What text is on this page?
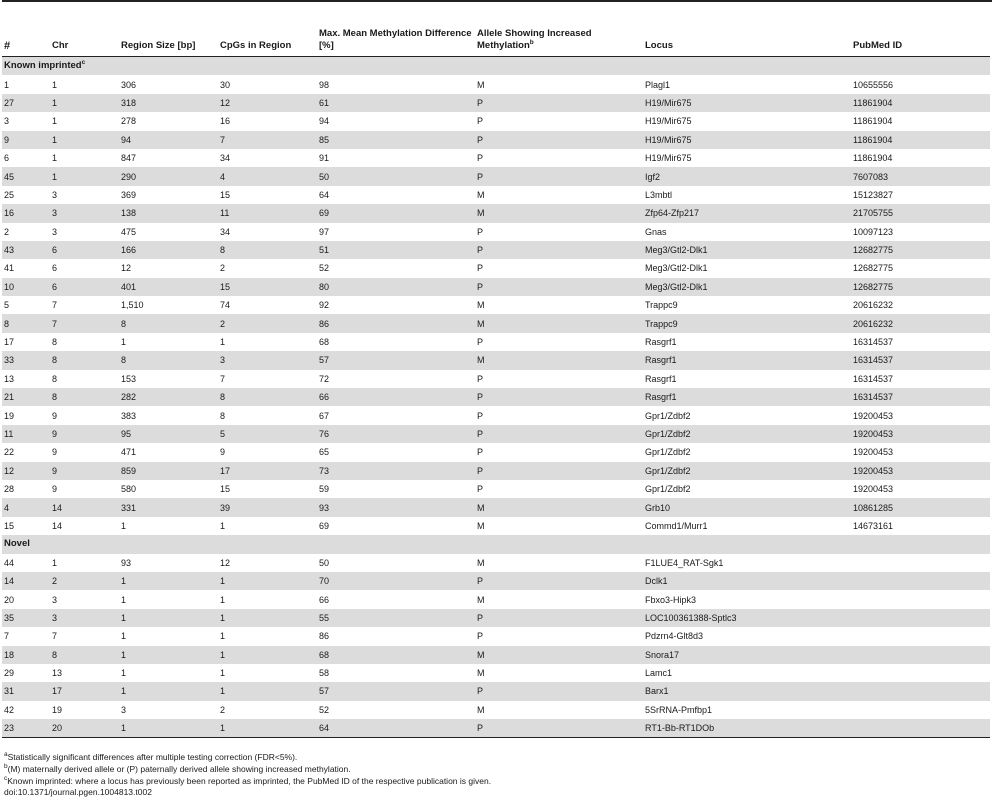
#	Chr	Region Size [bp]	CpGs in Region	Max. Mean Methylation Difference [%]	Allele Showing Increased Methylation$^b$	Locus	PubMed ID
Known imprinted$^c$
1	1	306	30	98	M	Plagl1	10655556
27	1	318	12	61	P	H19/Mir675	11861904
3	1	278	16	94	P	H19/Mir675	11861904
9	1	94	7	85	P	H19/Mir675	11861904
6	1	847	34	91	P	H19/Mir675	11861904
45	1	290	4	50	P	Igf2	7607083
25	3	369	15	64	M	L3mbtl	15123827
16	3	138	11	69	M	Zfp64-Zfp217	21705755
2	3	475	34	97	P	Gnas	10097123
43	6	166	8	51	P	Meg3/Gtl2-Dlk1	12682775
41	6	12	2	52	P	Meg3/Gtl2-Dlk1	12682775
10	6	401	15	80	P	Meg3/Gtl2-Dlk1	12682775
5	7	1,510	74	92	M	Trappc9	20616232
8	7	8	2	86	M	Trappc9	20616232
17	8	1	1	68	P	Rasgrf1	16314537
33	8	8	3	57	M	Rasgrf1	16314537
13	8	153	7	72	P	Rasgrf1	16314537
21	8	282	8	66	P	Rasgrf1	16314537
19	9	383	8	67	P	Gpr1/Zdbf2	19200453
11	9	95	5	76	P	Gpr1/Zdbf2	19200453
22	9	471	9	65	P	Gpr1/Zdbf2	19200453
12	9	859	17	73	P	Gpr1/Zdbf2	19200453
28	9	580	15	59	P	Gpr1/Zdbf2	19200453
4	14	331	39	93	M	Grb10	10861285
15	14	1	1	69	M	Commd1/Murr1	14673161
Novel							
44	1	93	12	50	M	F1LUE4_RAT-Sgk1	
14	2	1	1	70	P	Dclk1	
20	3	1	1	66	M	Fbxo3-Hipk3	
35	3	1	1	55	P	LOC100361388-Sptlc3	
7	7	1	1	86	P	Pdzrn4-Glt8d3	
18	8	1	1	68	M	Snora17	
29	13	1	1	58	M	Lamc1	
31	17	1	1	57	P	Barx1	
42	19	3	2	52	M	5SrRNA-Pmfbp1	
23	20	1	1	64	P	RT1-Bb-RT1DOb	
$^a$Statistically significant differences after multiple testing correction (FDR<5%).
$^b$(M) maternally derived allele or (P) paternally derived allele showing increased methylation.
$^c$Known imprinted: where a locus has previously been reported as imprinted, the PubMed ID of the respective publication is given.
doi:10.1371/journal.pgen.1004813.t002
